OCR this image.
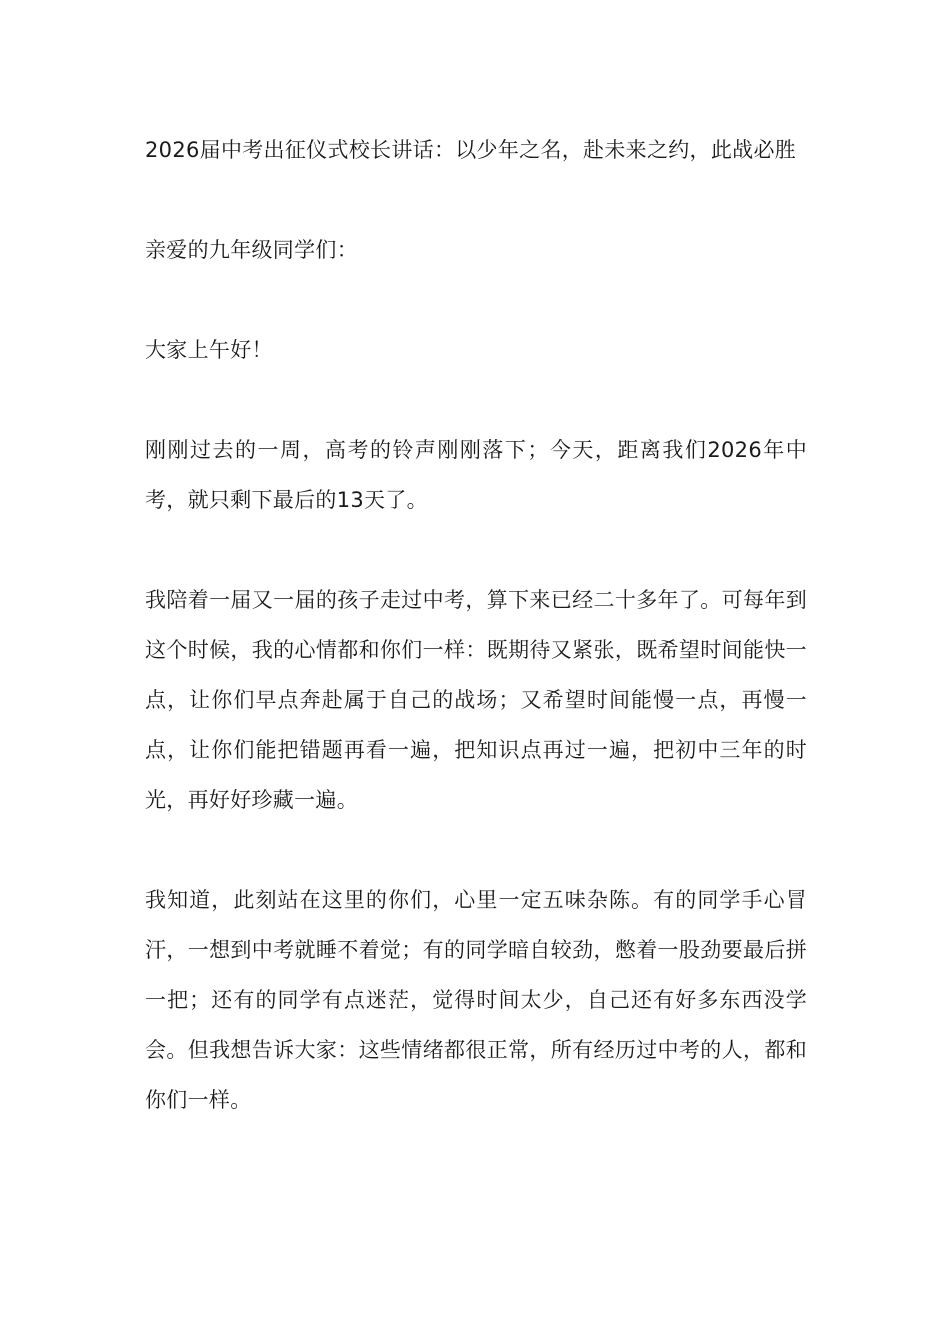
2026届中考出征仪式校长讲话：以少年之名，赴未来之约，此战必胜

亲爱的九年级同学们：

大家上午好！

刚刚过去的一周，高考的铃声刚刚落下；今天，距离我们2026年中考，就只剩下最后的13天了。

我陪着一届又一届的孩子走过中考，算下来已经二十多年了。可每年到这个时候，我的心情都和你们一样：既期待又紧张，既希望时间能快一点，让你们早点奔赴属于自己的战场；又希望时间能慢一点，再慢一点，让你们能把错题再看一遍，把知识点再过一遍，把初中三年的时光，再好好珍藏一遍。

我知道，此刻站在这里的你们，心里一定五味杂陈。有的同学手心冒汗，一想到中考就睡不着觉；有的同学暗自较劲，憋着一股劲要最后拼一把；还有的同学有点迷茫，觉得时间太少，自己还有好多东西没学会。但我想告诉大家：这些情绪都很正常，所有经历过中考的人，都和你们一样。
